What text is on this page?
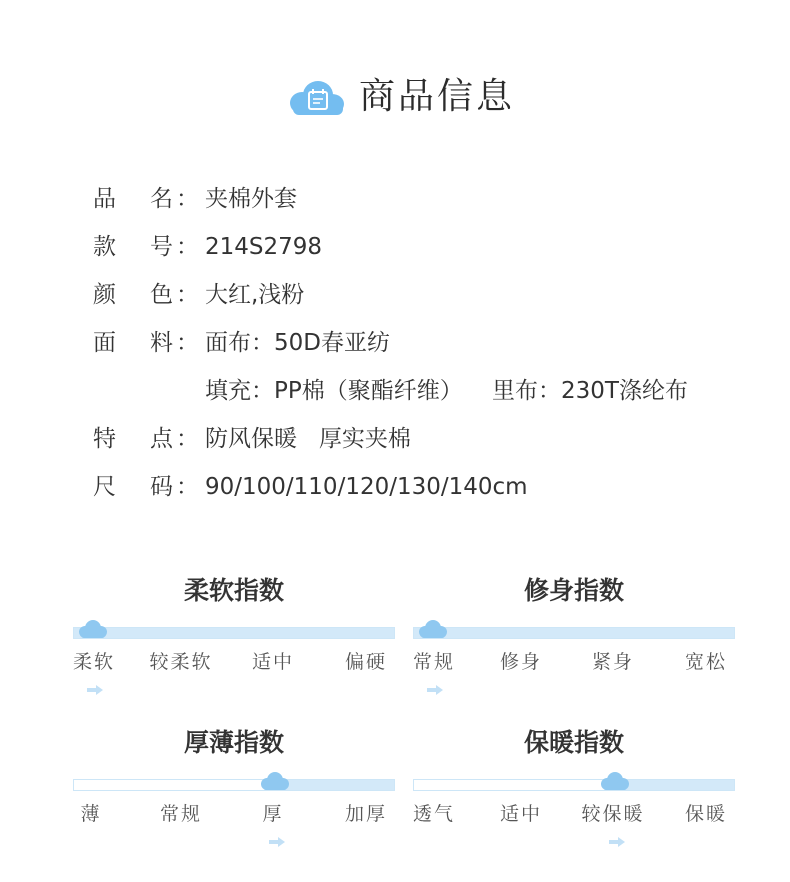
商品信息
品 名 ： 夹棉外套
款 号 ： 214S2798
颜 色 ： 大红,浅粉
面 料 ： 面布：50D春亚纺
填充：PP棉（聚酯纤维） 里布：230T涤纶布
特 点 ： 防风保暖   厚实夹棉
尺 码 ： 90/100/110/120/130/140cm
柔软指数
柔软 较柔软 适中	偏硬
修身指数
常规 修身	紧身	宽松
厚薄指数
薄	常规	厚	加厚
保暖指数
透气 适中 较保暖 保暖
